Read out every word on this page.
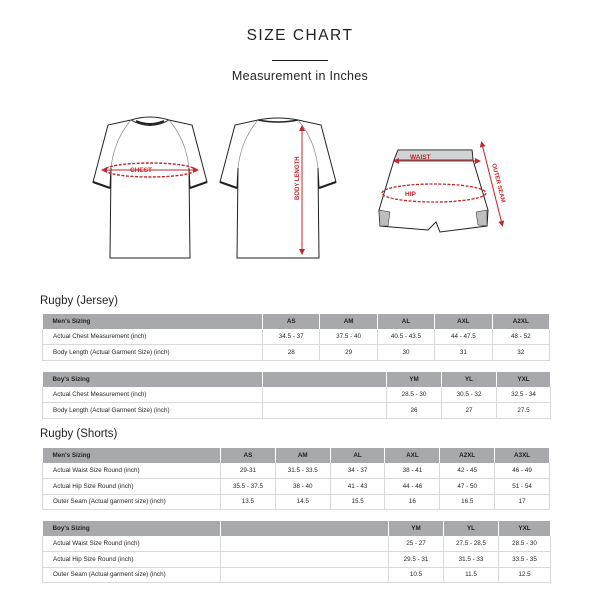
SIZE CHART
Measurement in Inches
CHEST	BODY LENGTH	WAIST
HIP	OUTER SEAM
Rugby (Jersey)
Men's Sizing	AS	AM	AL	AXL	A2XL
Actual Chest Measurement (inch)	34.5 - 37	37.5 - 40	40.5 - 43.5	44 - 47.5	48 - 52
Body Length (Actual Garment Size) (inch)	28	29	30	31	32
Boy's Sizing		YM	YL	YXL
Actual Chest Measurement (inch)		28.5 - 30	30.5 - 32	32.5 - 34
Body Length (Actual Garment Size) (inch)		26	27	27.5
Rugby (Shorts)
Men's Sizing	AS	AM	AL	AXL	A2XL	A3XL
Actual Waist Size Round (inch)	29-31	31.5 - 33.5	34 - 37	38 - 41	42 - 45	46 - 49
Actual Hip Size Round (inch)	35.5 - 37.5	38 - 40	41 - 43	44 - 46	47 - 50	51 - 54
Outer Seam (Actual garment size) (inch)	13.5	14.5	15.5	16	16.5	17
Boy's Sizing		YM	YL	YXL
Actual Waist Size Round (inch)		25 - 27	27.5 - 28.5	28.5 - 30
Actual Hip Size Round (inch)		29.5 - 31	31.5 - 33	33.5 - 35
Outer Seam (Actual garment size) (inch)		10.5	11.5	12.5
